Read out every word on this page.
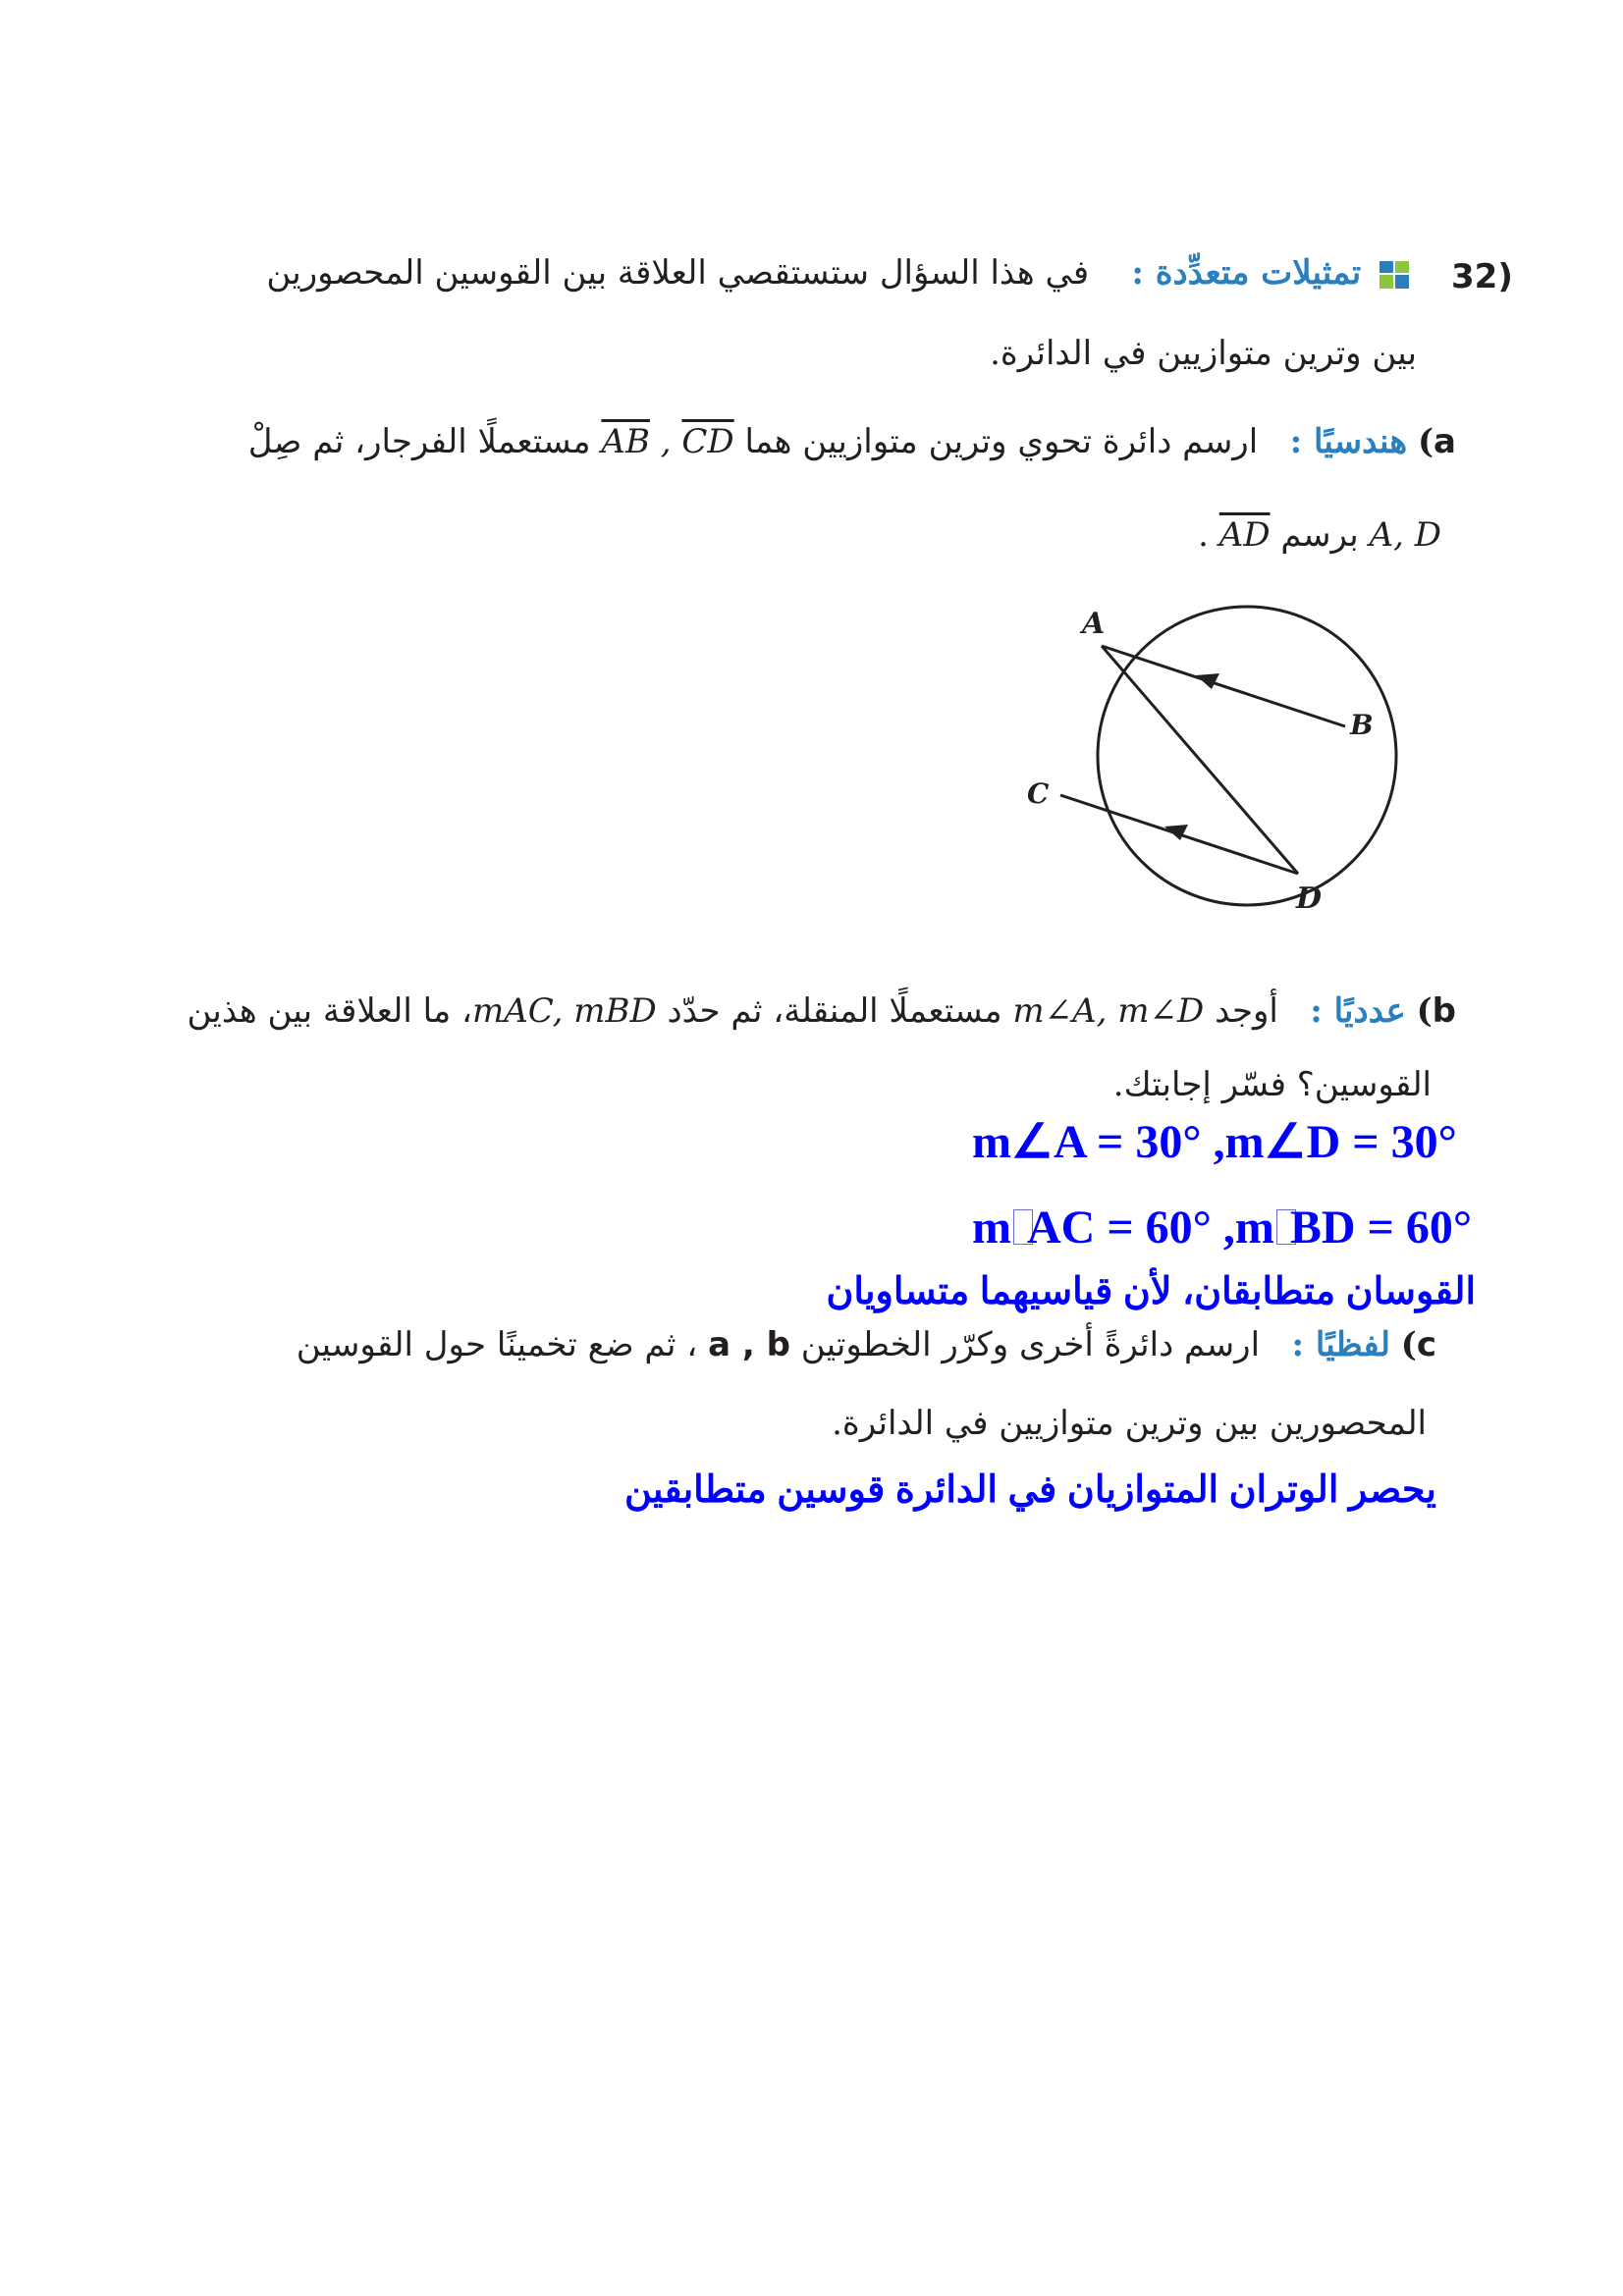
32)
تمثيلات متعدِّدة :    في هذا السؤال ستستقصي العلاقة بين القوسين المحصورين
بين وترين متوازيين في الدائرة.
a) هندسيًا :   ارسم دائرة تحوي وترين متوازيين هما $\overline{AB}$ , $\overline{CD}$ مستعملًا الفرجار، ثم صِلْ
A, D برسم $\overline{AD}$ .
A
B
C
D
b) عدديًا :   أوجد m∠A, m∠D مستعملًا المنقلة، ثم حدّد mAC, mBD، ما العلاقة بين هذين
القوسين؟ فسّر إجابتك.
m∠A = 30° ,m∠D = 30°
m AC = 60° ,m BD = 60°
القوسان متطابقان، لأن قياسيهما متساويان
c) لفظيًا :   ارسم دائرةً أخرى وكرّر الخطوتين a , b ، ثم ضع تخمينًا حول القوسين
المحصورين بين وترين متوازيين في الدائرة.
يحصر الوتران المتوازيان في الدائرة قوسين متطابقين
